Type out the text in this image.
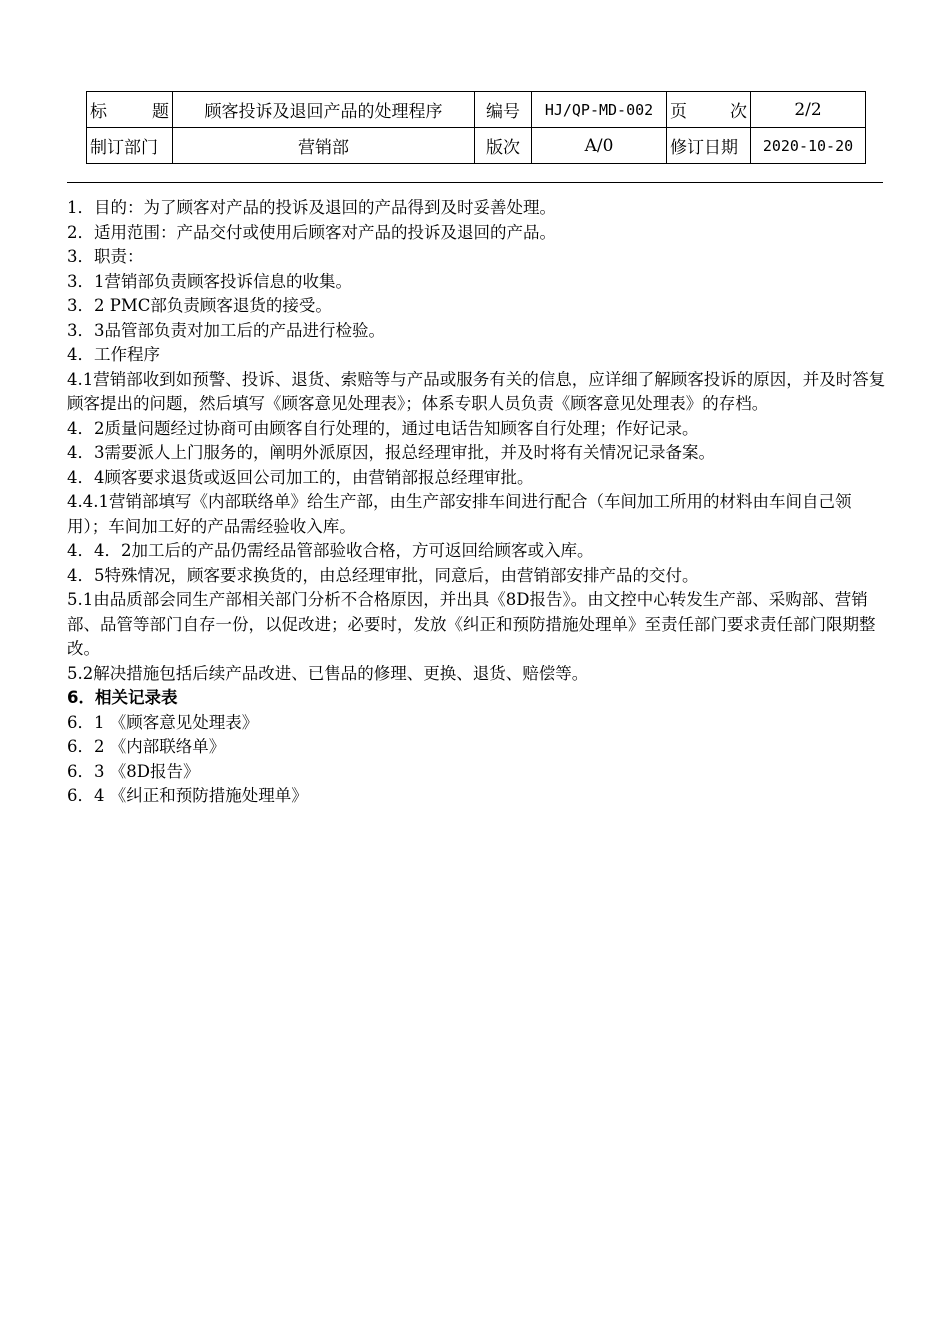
标 题	顾客投诉及退回产品的处理程序	编号	HJ/QP-MD-002	页 次	2/2
制订部门	营销部	版次	A/0	修订日期	2020-10-20

1．目的：为了顾客对产品的投诉及退回的产品得到及时妥善处理。

2．适用范围：产品交付或使用后顾客对产品的投诉及退回的产品。

3．职责：

3．1营销部负责顾客投诉信息的收集。

3．2 PMC部负责顾客退货的接受。

3．3品管部负责对加工后的产品进行检验。

4．工作程序

4.1营销部收到如预警、投诉、退货、索赔等与产品或服务有关的信息，应详细了解顾客投诉的原因，并及时答复顾客提出的问题，然后填写《顾客意见处理表》；体系专职人员负责《顾客意见处理表》的存档。

4．2质量问题经过协商可由顾客自行处理的，通过电话告知顾客自行处理；作好记录。

4．3需要派人上门服务的，阐明外派原因，报总经理审批，并及时将有关情况记录备案。

4．4顾客要求退货或返回公司加工的，由营销部报总经理审批。

4.4.1营销部填写《内部联络单》给生产部，由生产部安排车间进行配合（车间加工所用的材料由车间自己领用）；车间加工好的产品需经验收入库。

4．4．2加工后的产品仍需经品管部验收合格，方可返回给顾客或入库。

4．5特殊情况，顾客要求换货的，由总经理审批，同意后，由营销部安排产品的交付。

5.1由品质部会同生产部相关部门分析不合格原因，并出具《8D报告》。由文控中心转发生产部、采购部、营销部、品管等部门自存一份，以促改进；必要时，发放《纠正和预防措施处理单》至责任部门要求责任部门限期整改。

5.2解决措施包括后续产品改进、已售品的修理、更换、退货、赔偿等。

6．相关记录表

6．1 《顾客意见处理表》

6．2 《内部联络单》

6．3 《8D报告》

6．4 《纠正和预防措施处理单》
